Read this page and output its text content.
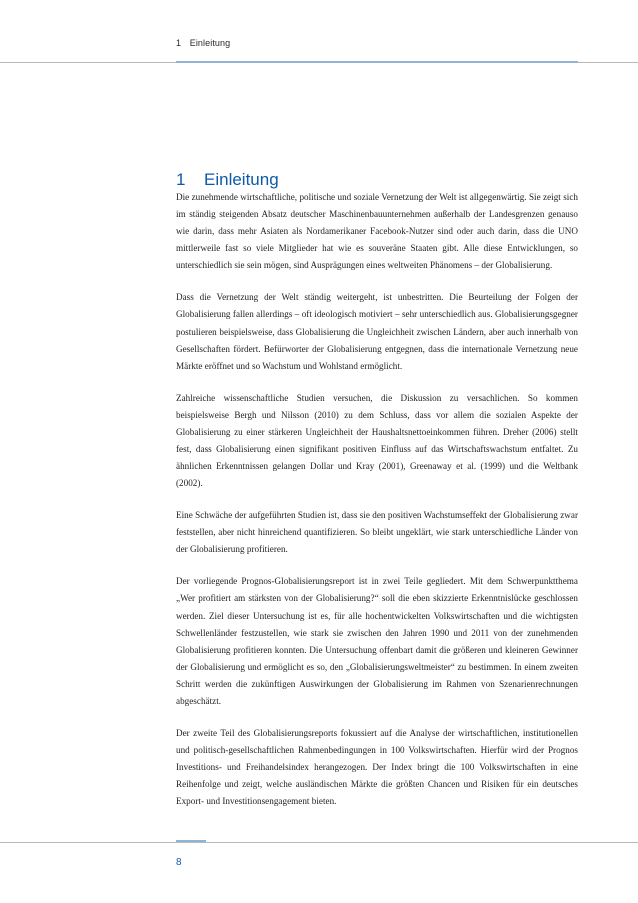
1 Einleitung
1 Einleitung

Die zunehmende wirtschaftliche, politische und soziale Vernetzung der Welt ist allgegenwärtig. Sie zeigt sich im ständig steigenden Absatz deutscher Maschinenbauunternehmen außerhalb der Landesgrenzen genauso wie darin, dass mehr Asiaten als Nordamerikaner Facebook-Nutzer sind oder auch darin, dass die UNO mittlerweile fast so viele Mitglieder hat wie es souveräne Staaten gibt. Alle diese Entwicklungen, so unterschiedlich sie sein mögen, sind Ausprägungen eines weltweiten Phänomens – der Globalisierung.

Dass die Vernetzung der Welt ständig weitergeht, ist unbestritten. Die Beurteilung der Folgen der Globalisierung fallen allerdings – oft ideologisch motiviert – sehr unterschiedlich aus. Globalisierungsgegner postulieren beispielsweise, dass Globalisierung die Ungleichheit zwischen Ländern, aber auch innerhalb von Gesellschaften fördert. Befürworter der Globalisierung entgegnen, dass die internationale Vernetzung neue Märkte eröffnet und so Wachstum und Wohlstand ermöglicht.

Zahlreiche wissenschaftliche Studien versuchen, die Diskussion zu versachlichen. So kommen beispielsweise Bergh und Nilsson (2010) zu dem Schluss, dass vor allem die sozialen Aspekte der Globalisierung zu einer stärkeren Ungleichheit der Haushaltsnettoeinkommen führen. Dreher (2006) stellt fest, dass Globalisierung einen signifikant positiven Einfluss auf das Wirtschaftswachstum entfaltet. Zu ähnlichen Erkenntnissen gelangen Dollar und Kray (2001), Greenaway et al. (1999) und die Weltbank (2002).

Eine Schwäche der aufgeführten Studien ist, dass sie den positiven Wachstumseffekt der Globalisierung zwar feststellen, aber nicht hinreichend quantifizieren. So bleibt ungeklärt, wie stark unterschiedliche Länder von der Globalisierung profitieren.

Der vorliegende Prognos-Globalisierungsreport ist in zwei Teile gegliedert. Mit dem Schwerpunktthema „Wer profitiert am stärksten von der Globalisierung?“ soll die eben skizzierte Erkenntnislücke geschlossen werden. Ziel dieser Untersuchung ist es, für alle hochentwickelten Volkswirtschaften und die wichtigsten Schwellenländer festzustellen, wie stark sie zwischen den Jahren 1990 und 2011 von der zunehmenden Globalisierung profitieren konnten. Die Untersuchung offenbart damit die größeren und kleineren Gewinner der Globalisierung und ermöglicht es so, den „Globalisierungsweltmeister“ zu bestimmen. In einem zweiten Schritt werden die zukünftigen Auswirkungen der Globalisierung im Rahmen von Szenarienrechnungen abgeschätzt.

Der zweite Teil des Globalisierungsreports fokussiert auf die Analyse der wirtschaftlichen, institutionellen und politisch-gesellschaftlichen Rahmenbedingungen in 100 Volkswirtschaften. Hierfür wird der Prognos Investitions- und Freihandelsindex herangezogen. Der Index bringt die 100 Volkswirtschaften in eine Reihenfolge und zeigt, welche ausländischen Märkte die größten Chancen und Risiken für ein deutsches Export- und Investitionsengagement bieten.

8
